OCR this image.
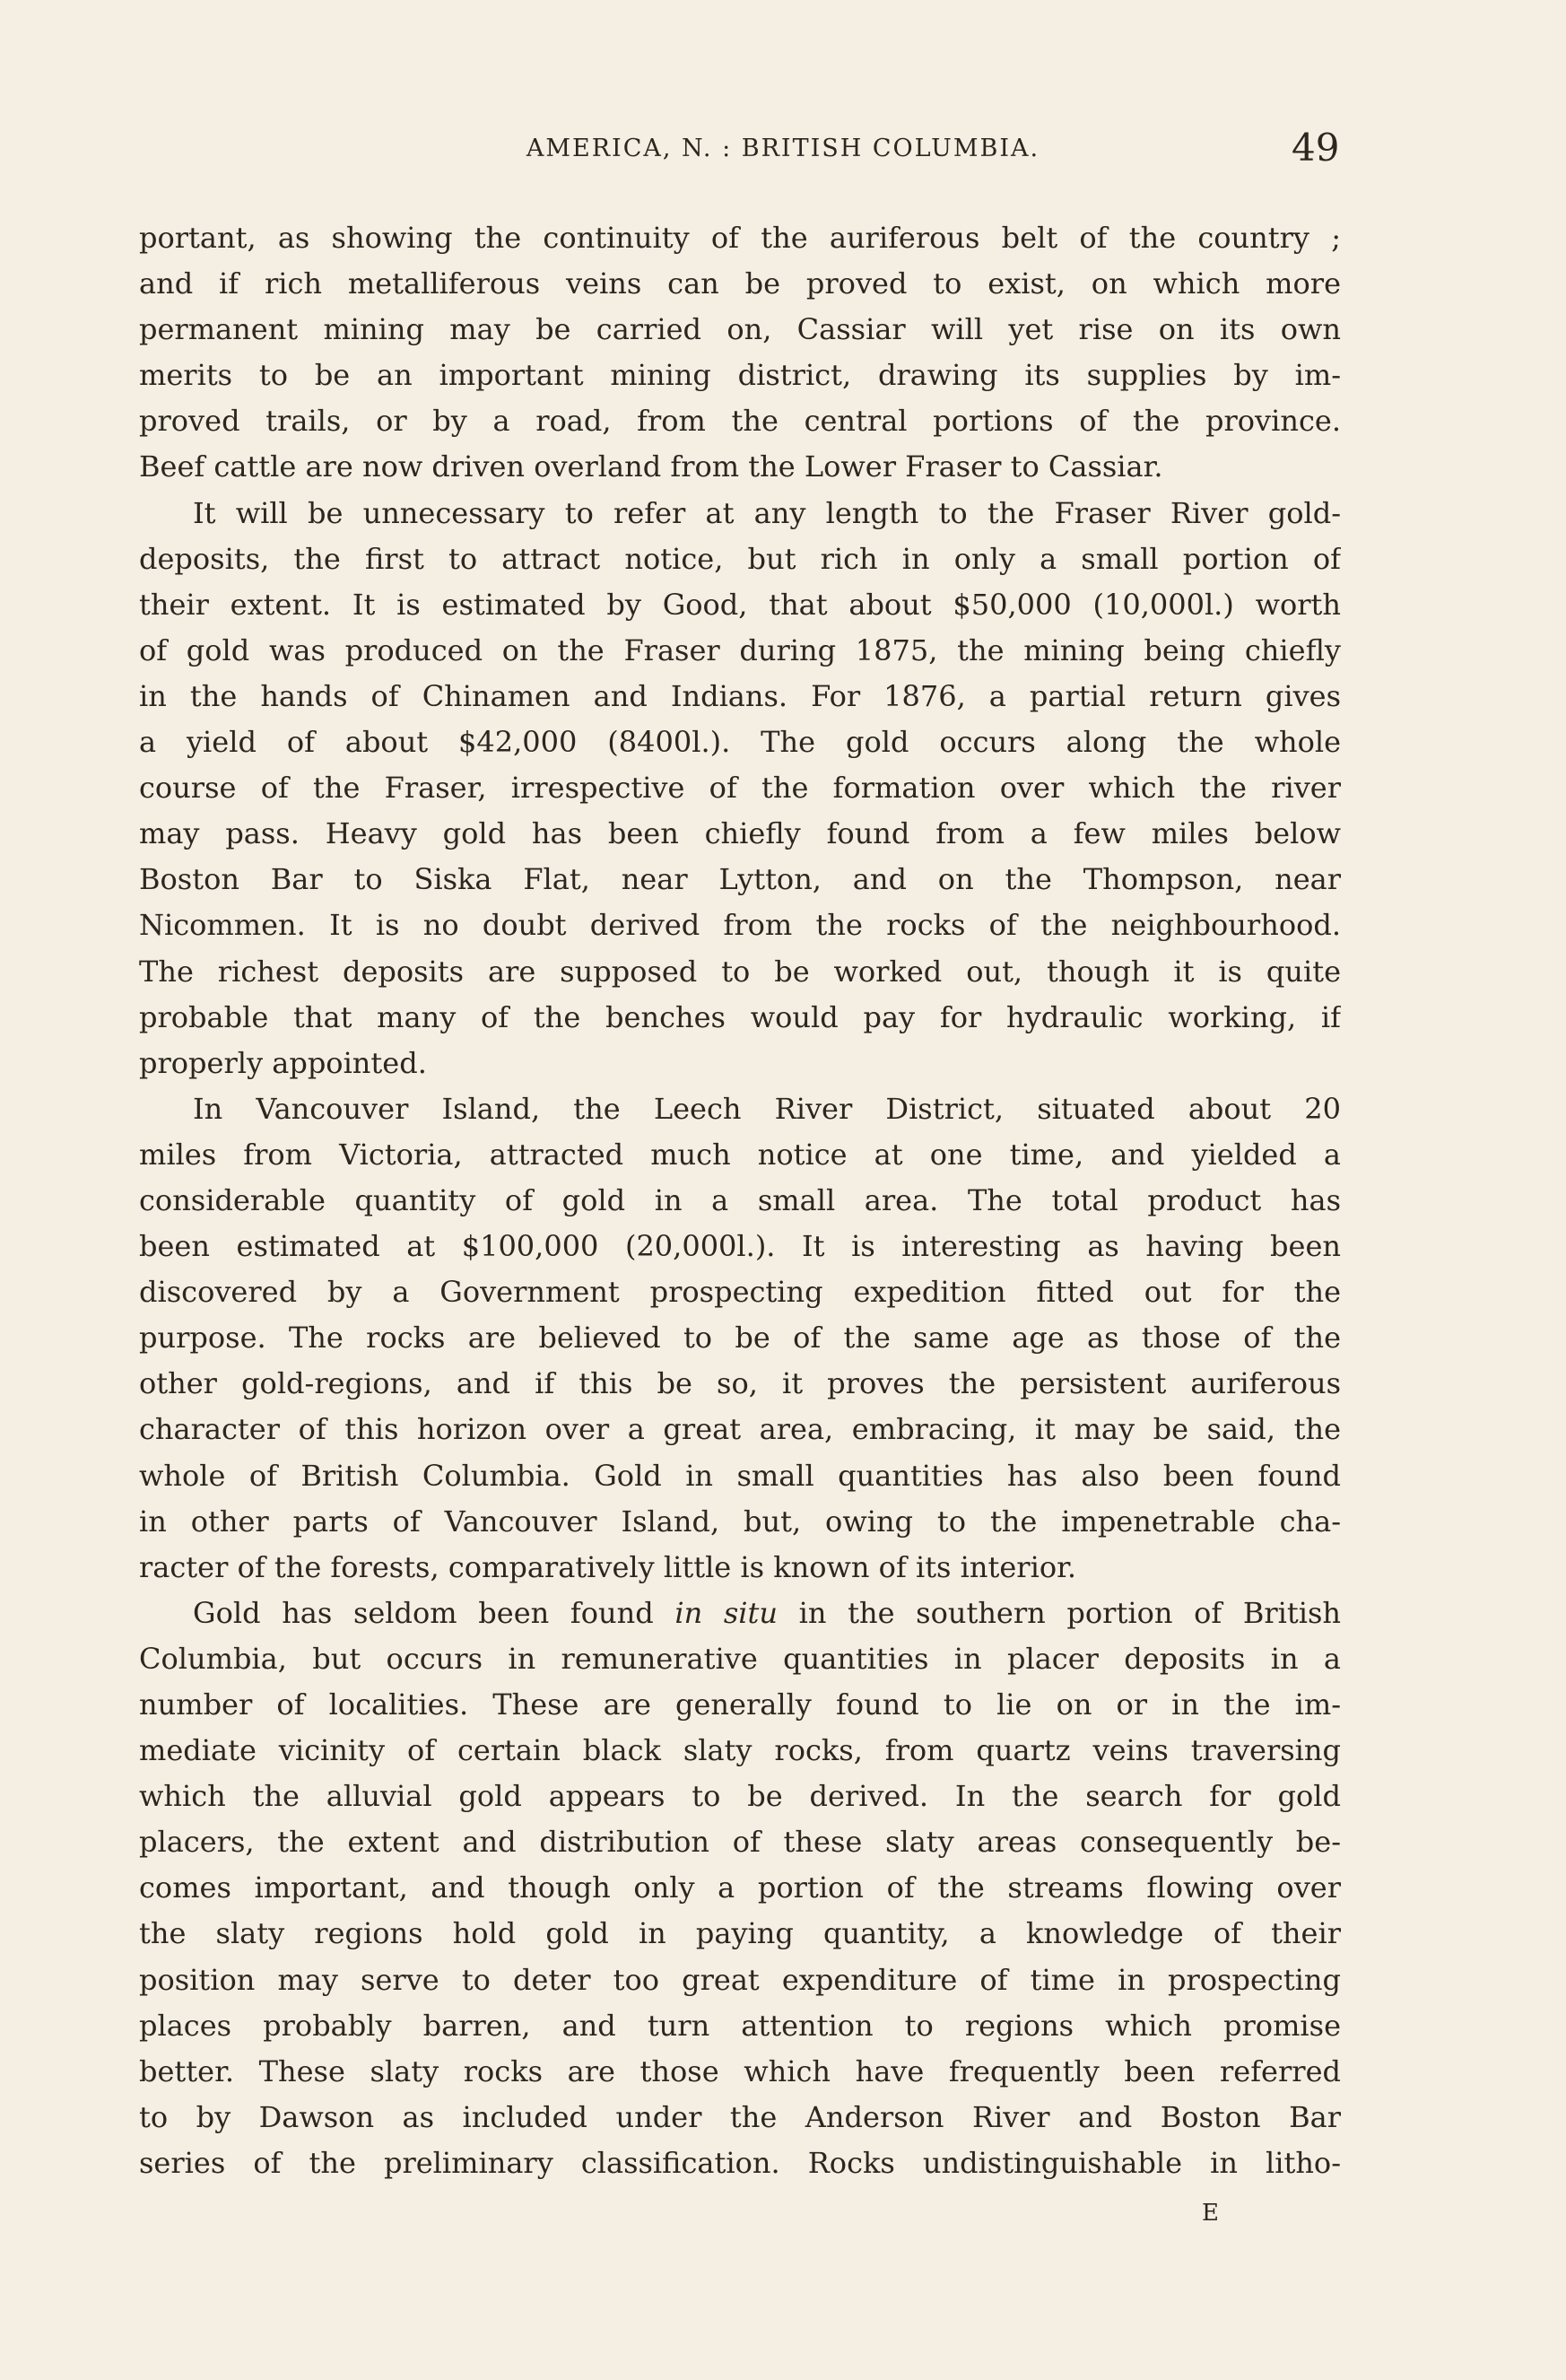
AMERICA, N. : BRITISH COLUMBIA.	49
portant, as showing the continuity of the auriferous belt of the country ;
and if rich metalliferous veins can be proved to exist, on which more
permanent mining may be carried on, Cassiar will yet rise on its own
merits to be an important mining district, drawing its supplies by im-
proved trails, or by a road, from the central portions of the province.
Beef cattle are now driven overland from the Lower Fraser to Cassiar.
It will be unnecessary to refer at any length to the Fraser River gold-
deposits, the first to attract notice, but rich in only a small portion of
their extent. It is estimated by Good, that about $50,000 (10,000l.) worth
of gold was produced on the Fraser during 1875, the mining being chiefly
in the hands of Chinamen and Indians. For 1876, a partial return gives
a yield of about $42,000 (8400l.). The gold occurs along the whole
course of the Fraser, irrespective of the formation over which the river
may pass. Heavy gold has been chiefly found from a few miles below
Boston Bar to Siska Flat, near Lytton, and on the Thompson, near
Nicommen. It is no doubt derived from the rocks of the neighbourhood.
The richest deposits are supposed to be worked out, though it is quite
probable that many of the benches would pay for hydraulic working, if
properly appointed.
In Vancouver Island, the Leech River District, situated about 20
miles from Victoria, attracted much notice at one time, and yielded a
considerable quantity of gold in a small area. The total product has
been estimated at $100,000 (20,000l.). It is interesting as having been
discovered by a Government prospecting expedition fitted out for the
purpose. The rocks are believed to be of the same age as those of the
other gold-regions, and if this be so, it proves the persistent auriferous
character of this horizon over a great area, embracing, it may be said, the
whole of British Columbia. Gold in small quantities has also been found
in other parts of Vancouver Island, but, owing to the impenetrable cha-
racter of the forests, comparatively little is known of its interior.
Gold has seldom been found in situ in the southern portion of British
Columbia, but occurs in remunerative quantities in placer deposits in a
number of localities. These are generally found to lie on or in the im-
mediate vicinity of certain black slaty rocks, from quartz veins traversing
which the alluvial gold appears to be derived. In the search for gold
placers, the extent and distribution of these slaty areas consequently be-
comes important, and though only a portion of the streams flowing over
the slaty regions hold gold in paying quantity, a knowledge of their
position may serve to deter too great expenditure of time in prospecting
places probably barren, and turn attention to regions which promise
better. These slaty rocks are those which have frequently been referred
to by Dawson as included under the Anderson River and Boston Bar
series of the preliminary classification. Rocks undistinguishable in litho-
E
